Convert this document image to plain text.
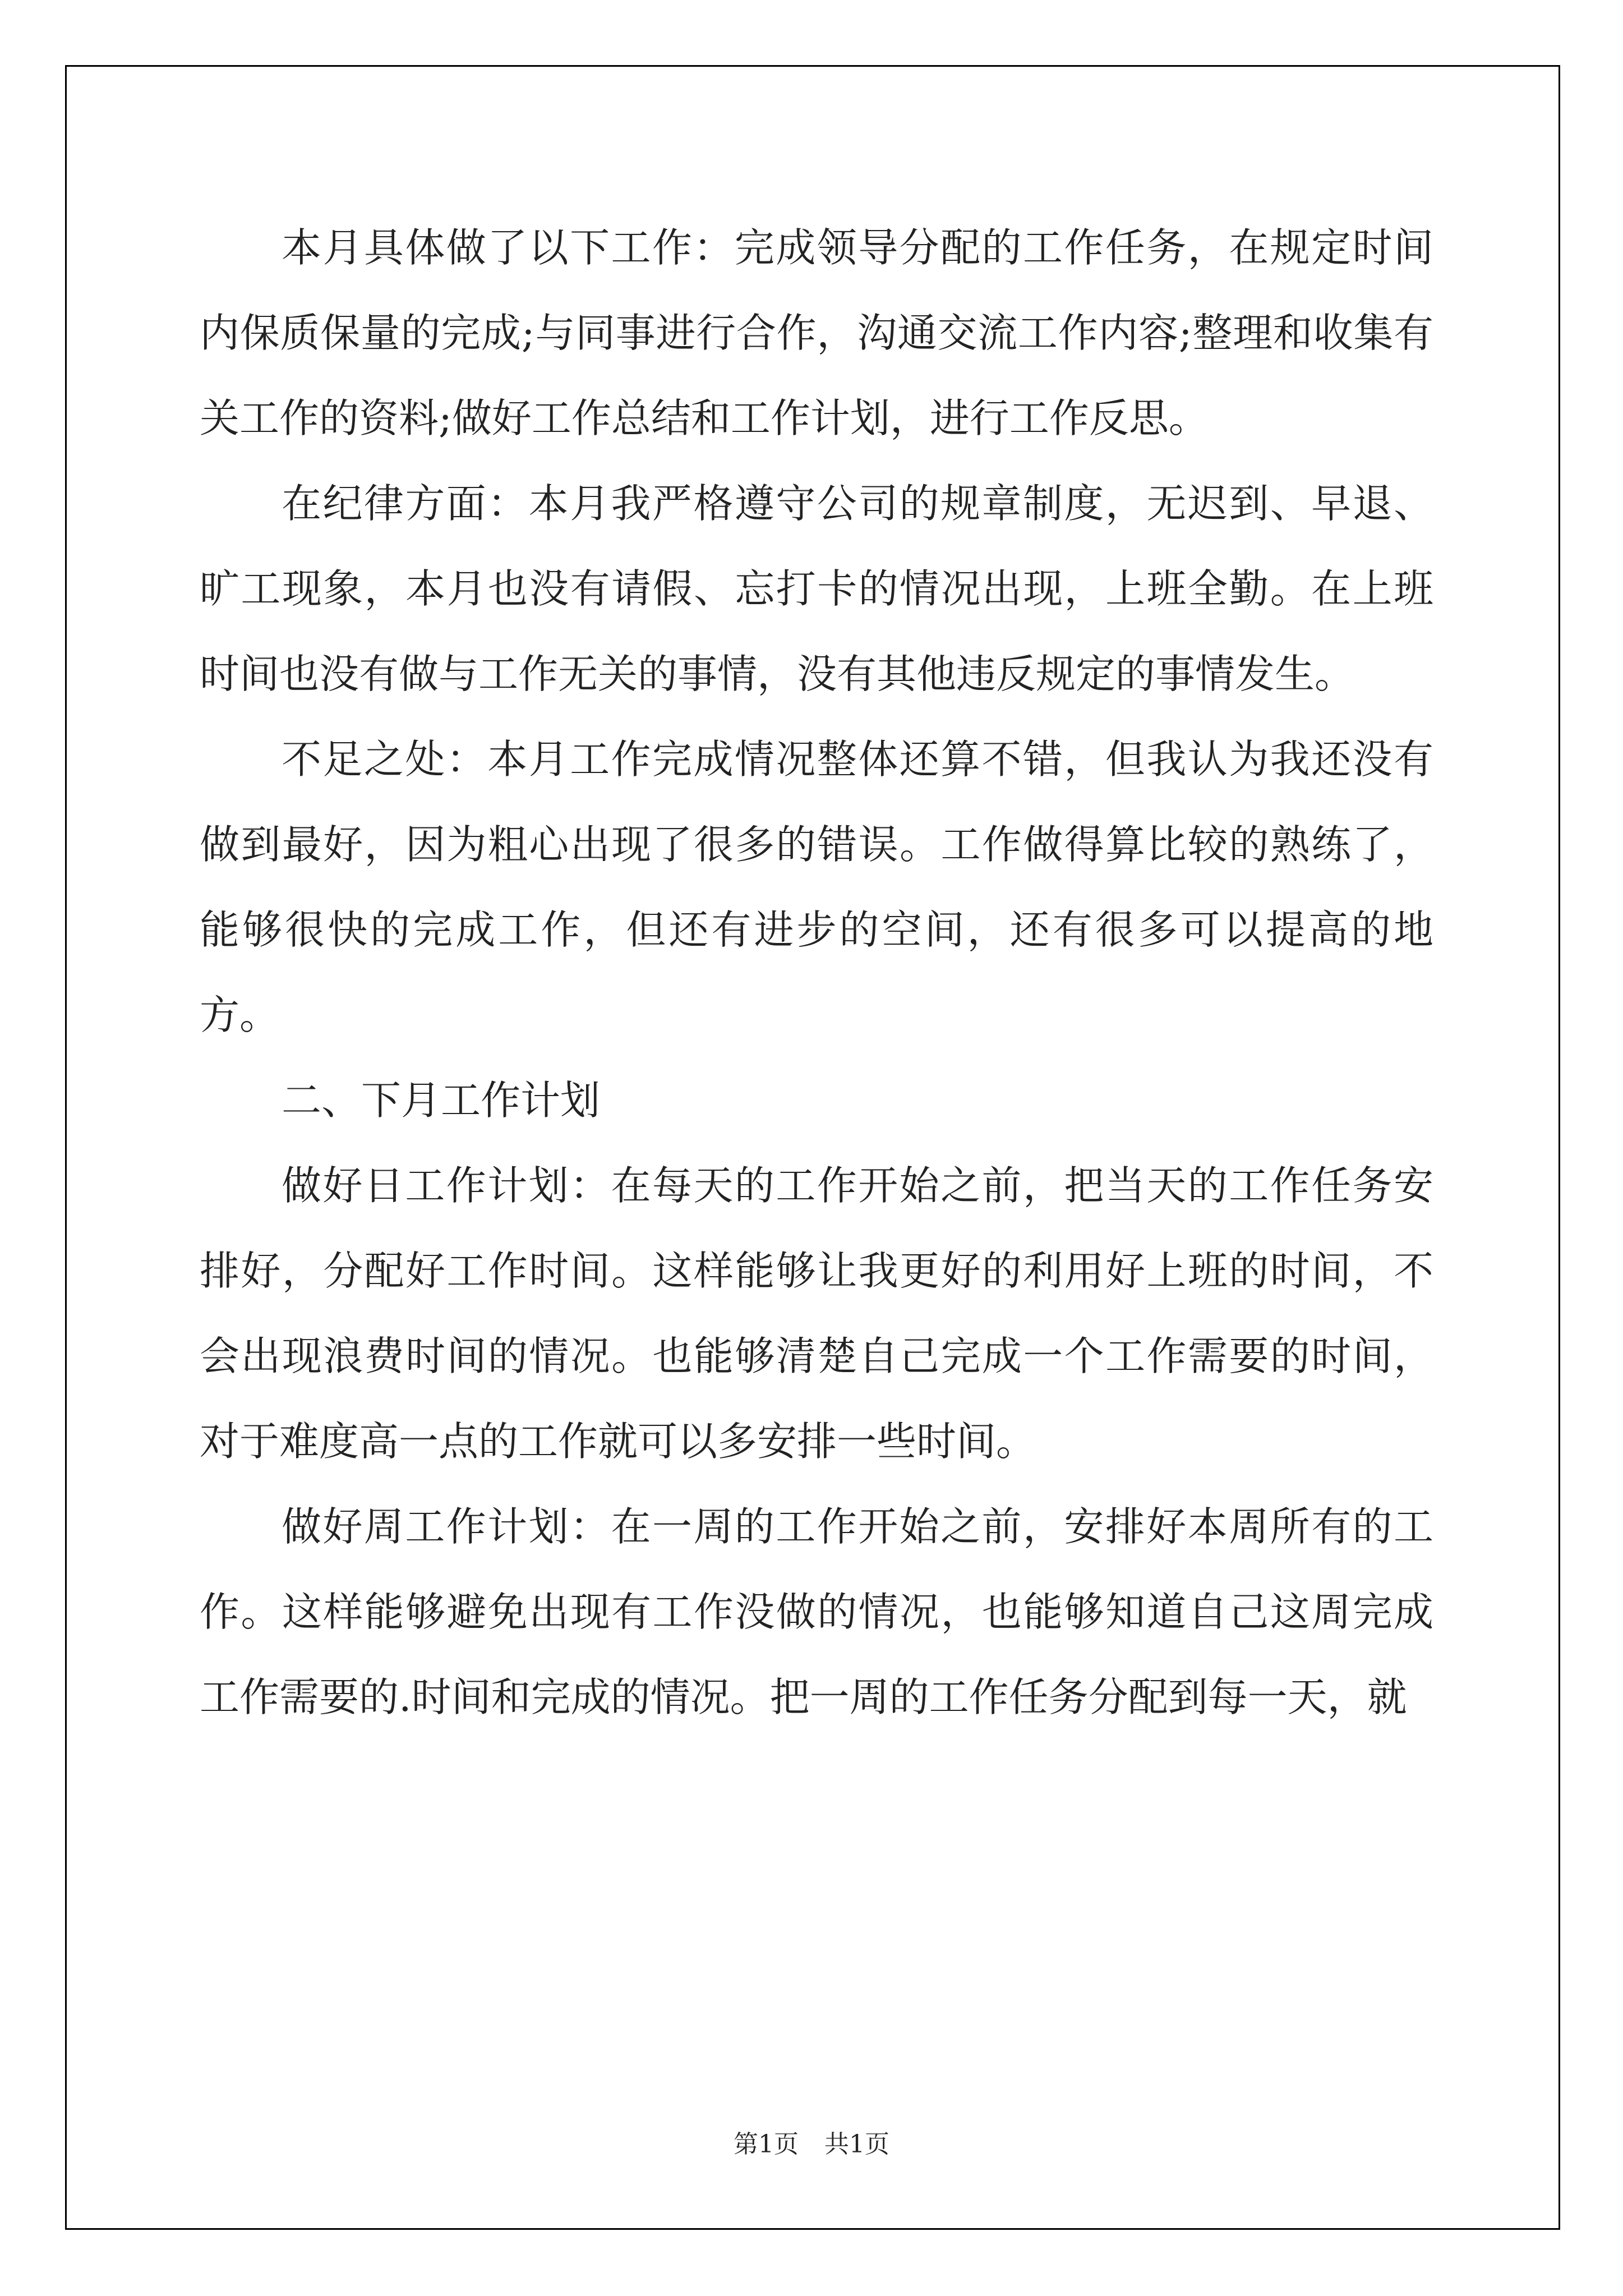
本月具体做了以下工作：完成领导分配的工作任务，在规定时间内保质保量的完成;与同事进行合作，沟通交流工作内容;整理和收集有关工作的资料;做好工作总结和工作计划，进行工作反思。

在纪律方面：本月我严格遵守公司的规章制度，无迟到、早退、旷工现象，本月也没有请假、忘打卡的情况出现，上班全勤。在上班时间也没有做与工作无关的事情，没有其他违反规定的事情发生。

不足之处：本月工作完成情况整体还算不错，但我认为我还没有做到最好，因为粗心出现了很多的错误。工作做得算比较的熟练了，能够很快的完成工作，但还有进步的空间，还有很多可以提高的地方。

二、下月工作计划

做好日工作计划：在每天的工作开始之前，把当天的工作任务安排好，分配好工作时间。这样能够让我更好的利用好上班的时间，不会出现浪费时间的情况。也能够清楚自己完成一个工作需要的时间，对于难度高一点的工作就可以多安排一些时间。

做好周工作计划：在一周的工作开始之前，安排好本周所有的工作。这样能够避免出现有工作没做的情况，也能够知道自己这周完成工作需要的.时间和完成的情况。把一周的工作任务分配到每一天，就

第1页 共1页
